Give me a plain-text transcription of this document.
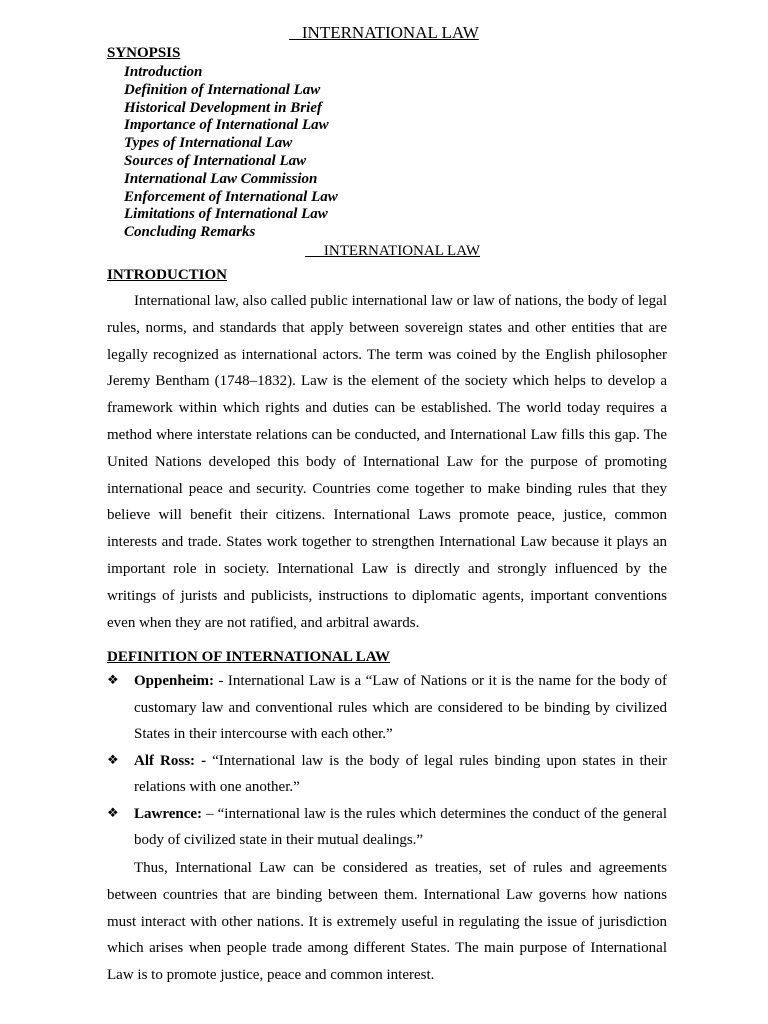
INTERNATIONAL LAW
SYNOPSIS
Introduction
Definition of International Law
Historical Development in Brief
Importance of International Law
Types of International Law
Sources of International Law
International Law Commission
Enforcement of International Law
Limitations of International Law
Concluding Remarks
INTERNATIONAL LAW
INTRODUCTION

International law, also called public international law or law of nations, the body of legal rules, norms, and standards that apply between sovereign states and other entities that are legally recognized as international actors. The term was coined by the English philosopher Jeremy Bentham (1748–1832). Law is the element of the society which helps to develop a framework within which rights and duties can be established. The world today requires a method where interstate relations can be conducted, and International Law fills this gap. The United Nations developed this body of International Law for the purpose of promoting international peace and security. Countries come together to make binding rules that they believe will benefit their citizens. International Laws promote peace, justice, common interests and trade. States work together to strengthen International Law because it plays an important role in society. International Law is directly and strongly influenced by the writings of jurists and publicists, instructions to diplomatic agents, important conventions even when they are not ratified, and arbitral awards.

DEFINITION OF INTERNATIONAL LAW
❖ Oppenheim: - International Law is a “Law of Nations or it is the name for the body of customary law and conventional rules which are considered to be binding by civilized States in their intercourse with each other.”
❖ Alf Ross: - “International law is the body of legal rules binding upon states in their relations with one another.”
❖ Lawrence: – “international law is the rules which determines the conduct of the general body of civilized state in their mutual dealings.”

Thus, International Law can be considered as treaties, set of rules and agreements between countries that are binding between them. International Law governs how nations must interact with other nations. It is extremely useful in regulating the issue of jurisdiction which arises when people trade among different States. The main purpose of International Law is to promote justice, peace and common interest.
